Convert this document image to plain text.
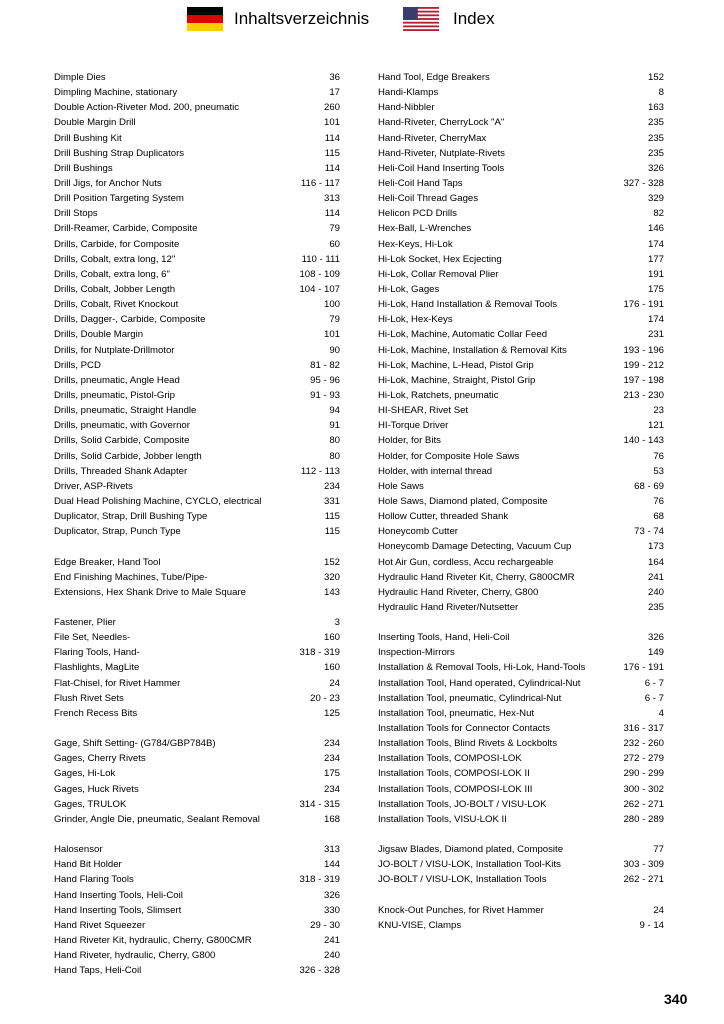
Inhaltsverzeichnis	Index
Dimple Dies	36
Dimpling Machine, stationary	17
Double Action-Riveter Mod. 200, pneumatic	260
Double Margin Drill	101
Drill Bushing Kit	114
Drill Bushing Strap Duplicators	115
Drill Bushings	114
Drill Jigs, for Anchor Nuts	116 - 117
Drill Position Targeting System	313
Drill Stops	114
Drill-Reamer, Carbide, Composite	79
Drills, Carbide, for Composite	60
Drills, Cobalt, extra long, 12"	110 - 111
Drills, Cobalt, extra long, 6"	108 - 109
Drills, Cobalt, Jobber Length	104 - 107
Drills, Cobalt, Rivet Knockout	100
Drills, Dagger-, Carbide, Composite	79
Drills, Double Margin	101
Drills, for Nutplate-Drillmotor	90
Drills, PCD	81 - 82
Drills, pneumatic, Angle Head	95 - 96
Drills, pneumatic, Pistol-Grip	91 - 93
Drills, pneumatic, Straight Handle	94
Drills, pneumatic, with Governor	91
Drills, Solid Carbide, Composite	80
Drills, Solid Carbide, Jobber length	80
Drills, Threaded Shank Adapter	112 - 113
Driver, ASP-Rivets	234
Dual Head Polishing Machine, CYCLO, electrical	331
Duplicator, Strap, Drill Bushing Type	115
Duplicator, Strap, Punch Type	115
Edge Breaker, Hand Tool	152
End Finishing Machines, Tube/Pipe-	320
Extensions, Hex Shank Drive to Male Square	143
Fastener, Plier	3
File Set, Needles-	160
Flaring Tools, Hand-	318 - 319
Flashlights, MagLite	160
Flat-Chisel, for Rivet Hammer	24
Flush Rivet Sets	20 - 23
French Recess Bits	125
Gage, Shift Setting- (G784/GBP784B)	234
Gages, Cherry Rivets	234
Gages, Hi-Lok	175
Gages, Huck Rivets	234
Gages, TRULOK	314 - 315
Grinder, Angle Die, pneumatic, Sealant Removal	168
Halosensor	313
Hand Bit Holder	144
Hand Flaring Tools	318 - 319
Hand Inserting Tools, Heli-Coil	326
Hand Inserting Tools, Slimsert	330
Hand Rivet Squeezer	29 - 30
Hand Riveter Kit, hydraulic, Cherry, G800CMR	241
Hand Riveter, hydraulic, Cherry, G800	240
Hand Taps, Heli-Coil	326 - 328
Hand Tool, Edge Breakers	152
Handi-Klamps	8
Hand-Nibbler	163
Hand-Riveter, CherryLock "A"	235
Hand-Riveter, CherryMax	235
Hand-Riveter, Nutplate-Rivets	235
Heli-Coil Hand Inserting Tools	326
Heli-Coil Hand Taps	327 - 328
Heli-Coil Thread Gages	329
Helicon PCD Drills	82
Hex-Ball, L-Wrenches	146
Hex-Keys, Hi-Lok	174
Hi-Lok Socket, Hex Ecjecting	177
Hi-Lok, Collar Removal Plier	191
Hi-Lok, Gages	175
Hi-Lok, Hand Installation & Removal Tools	176 - 191
Hi-Lok, Hex-Keys	174
Hi-Lok, Machine, Automatic Collar Feed	231
Hi-Lok, Machine, Installation & Removal Kits	193 - 196
Hi-Lok, Machine, L-Head, Pistol Grip	199 - 212
Hi-Lok, Machine, Straight, Pistol Grip	197 - 198
Hi-Lok, Ratchets, pneumatic	213 - 230
HI-SHEAR, Rivet Set	23
HI-Torque Driver	121
Holder, for Bits	140 - 143
Holder, for Composite Hole Saws	76
Holder, with internal thread	53
Hole Saws	68 - 69
Hole Saws, Diamond plated, Composite	76
Hollow Cutter, threaded Shank	68
Honeycomb Cutter	73 - 74
Honeycomb Damage Detecting, Vacuum Cup	173
Hot Air Gun, cordless, Accu rechargeable	164
Hydraulic Hand Riveter Kit, Cherry, G800CMR	241
Hydraulic Hand Riveter, Cherry, G800	240
Hydraulic Hand Riveter/Nutsetter	235
Inserting Tools, Hand, Heli-Coil	326
Inspection-Mirrors	149
Installation & Removal Tools, Hi-Lok, Hand-Tools	176 - 191
Installation Tool, Hand operated, Cylindrical-Nut	6 - 7
Installation Tool, pneumatic, Cylindrical-Nut	6 - 7
Installation Tool, pneumatic, Hex-Nut	4
Installation Tools for Connector Contacts	316 - 317
Installation Tools, Blind Rivets & Lockbolts	232 - 260
Installation Tools, COMPOSI-LOK	272 - 279
Installation Tools, COMPOSI-LOK II	290 - 299
Installation Tools, COMPOSI-LOK III	300 - 302
Installation Tools, JO-BOLT / VISU-LOK	262 - 271
Installation Tools, VISU-LOK II	280 - 289
Jigsaw Blades, Diamond plated, Composite	77
JO-BOLT / VISU-LOK, Installation Tool-Kits	303 - 309
JO-BOLT / VISU-LOK, Installation Tools	262 - 271
Knock-Out Punches, for Rivet Hammer	24
KNU-VISE, Clamps	9 - 14
340
